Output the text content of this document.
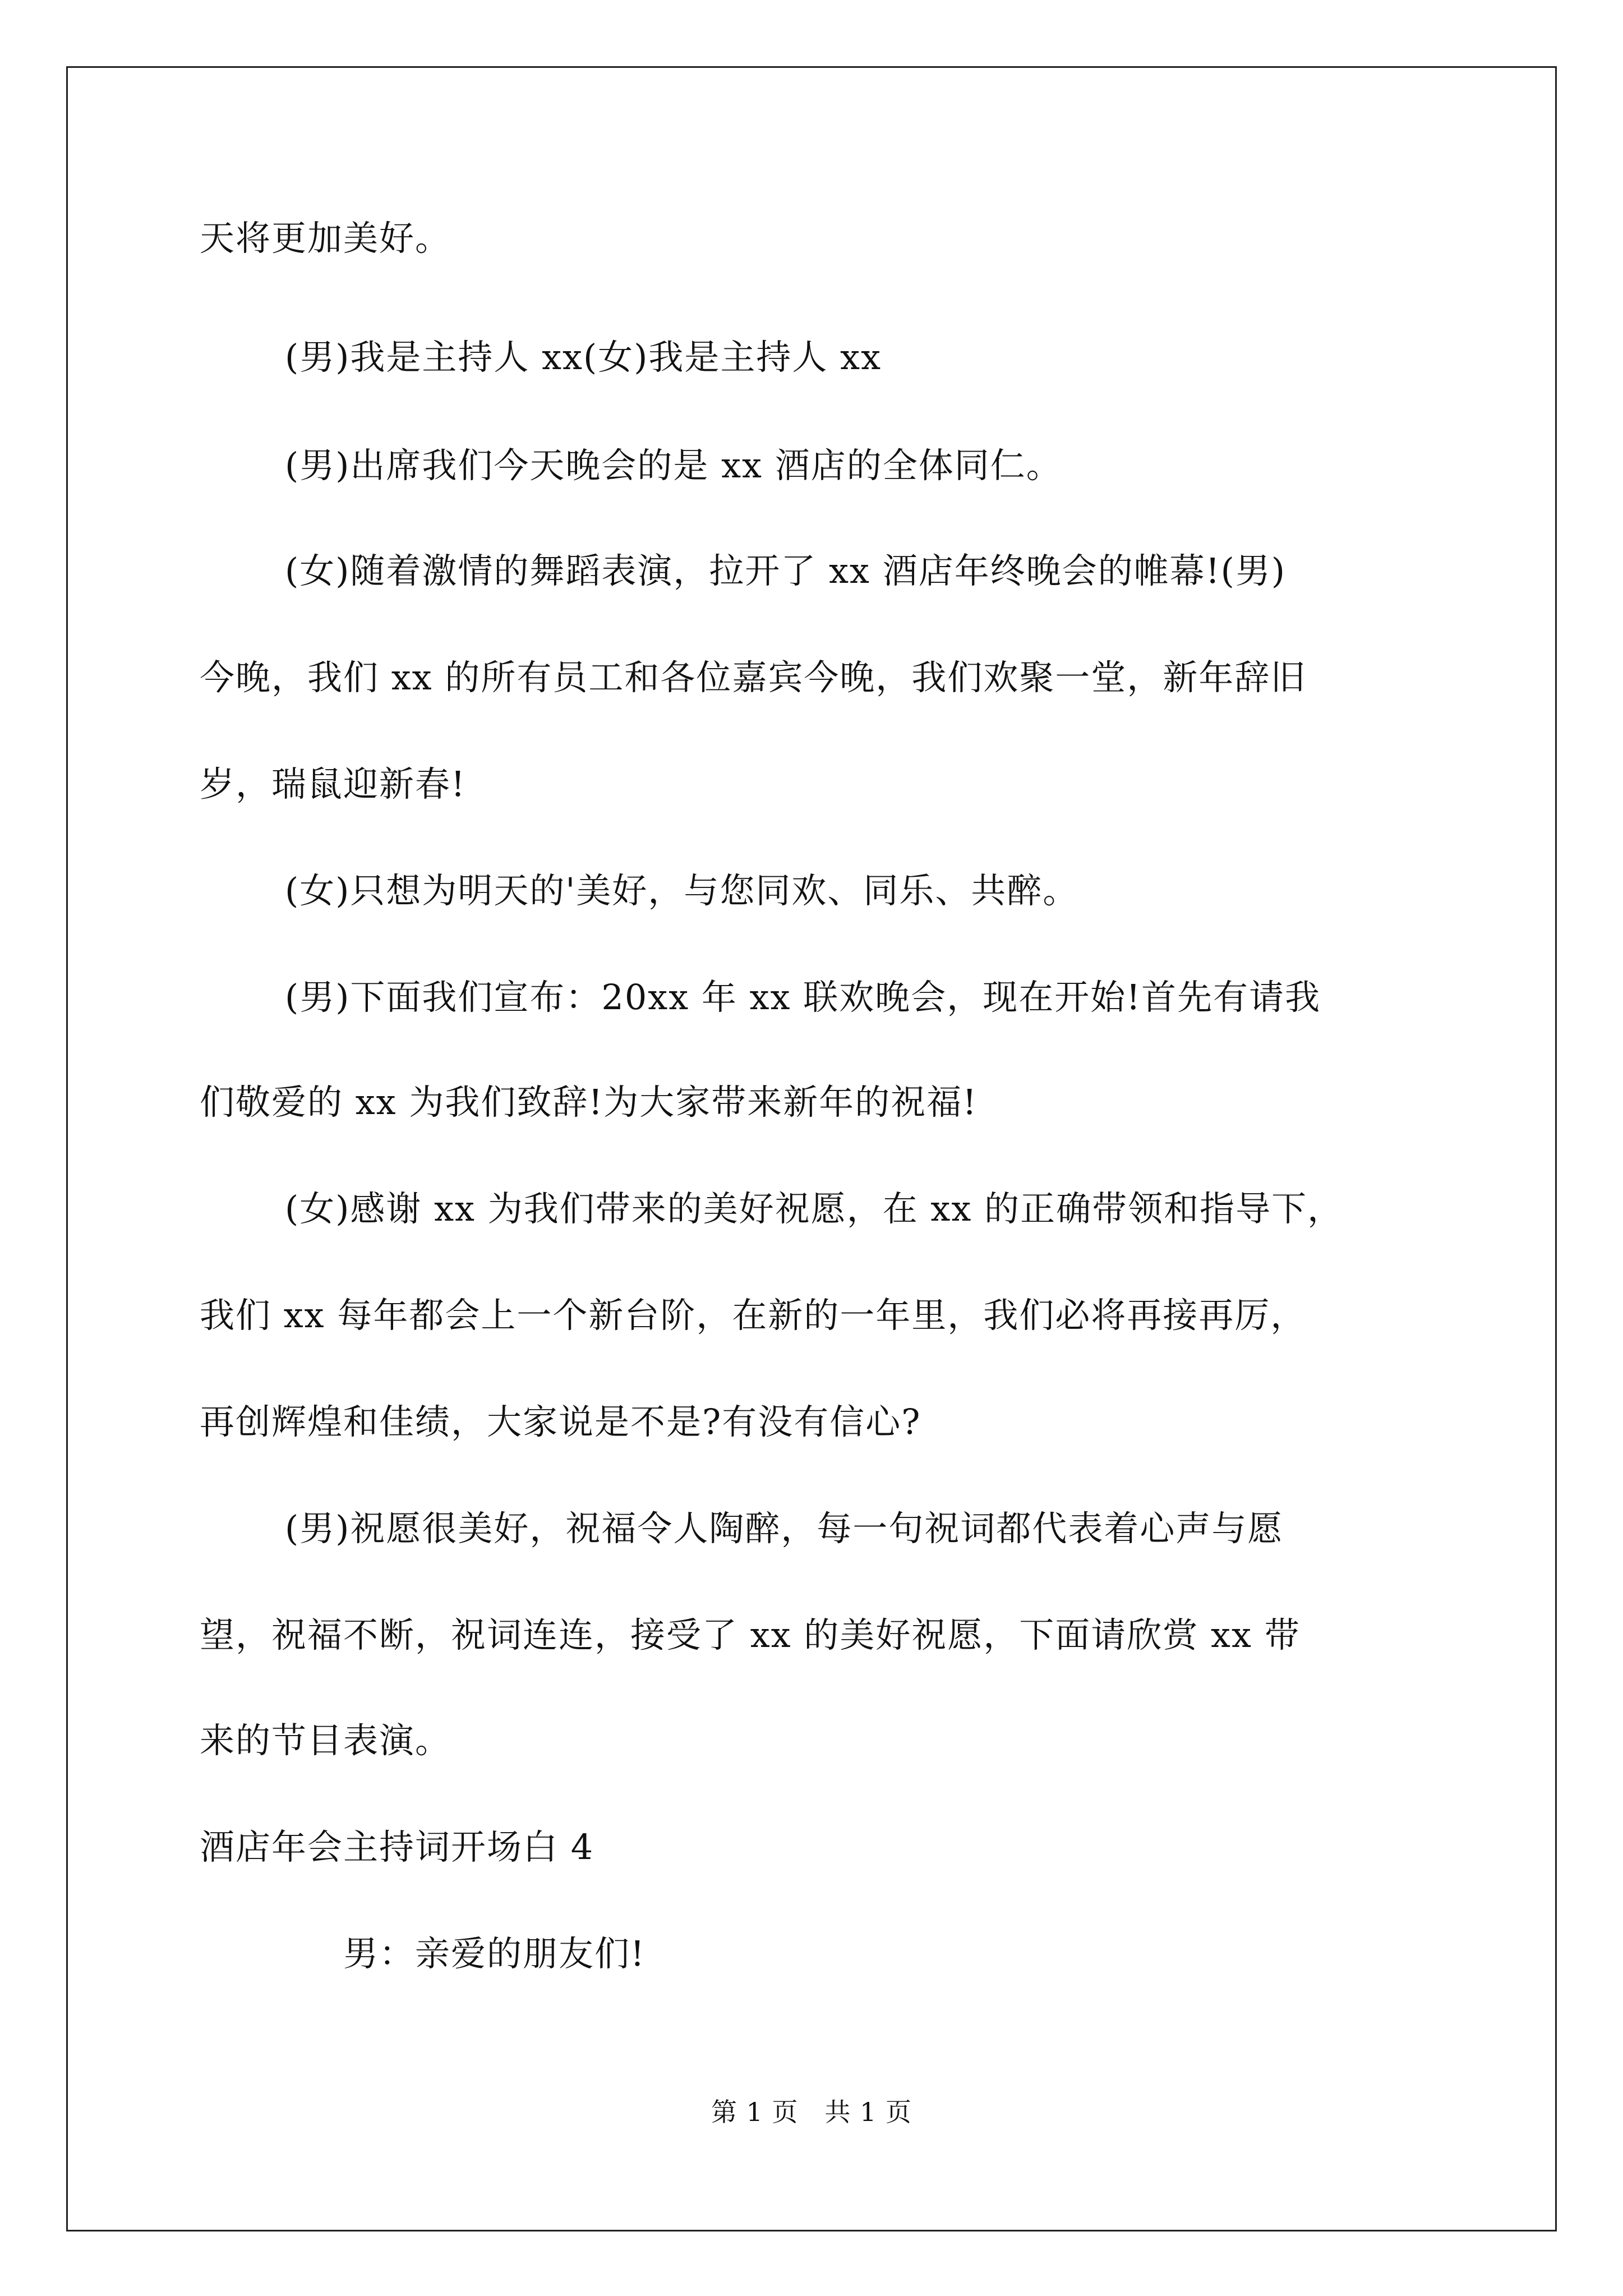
天将更加美好。

(男)我是主持人 xx(女)我是主持人 xx

(男)出席我们今天晚会的是 xx 酒店的全体同仁。

(女)随着激情的舞蹈表演，拉开了 xx 酒店年终晚会的帷幕!(男)

今晚，我们 xx 的所有员工和各位嘉宾今晚，我们欢聚一堂，新年辞旧

岁，瑞鼠迎新春!

(女)只想为明天的'美好，与您同欢、同乐、共醉。

(男)下面我们宣布：20xx 年 xx 联欢晚会，现在开始!首先有请我

们敬爱的 xx 为我们致辞!为大家带来新年的祝福!

(女)感谢 xx 为我们带来的美好祝愿，在 xx 的正确带领和指导下，

我们 xx 每年都会上一个新台阶，在新的一年里，我们必将再接再厉，

再创辉煌和佳绩，大家说是不是?有没有信心?

(男)祝愿很美好，祝福令人陶醉，每一句祝词都代表着心声与愿

望，祝福不断，祝词连连，接受了 xx 的美好祝愿，下面请欣赏 xx 带

来的节目表演。

酒店年会主持词开场白 4

男：亲爱的朋友们!

第 1 页　共 1 页
